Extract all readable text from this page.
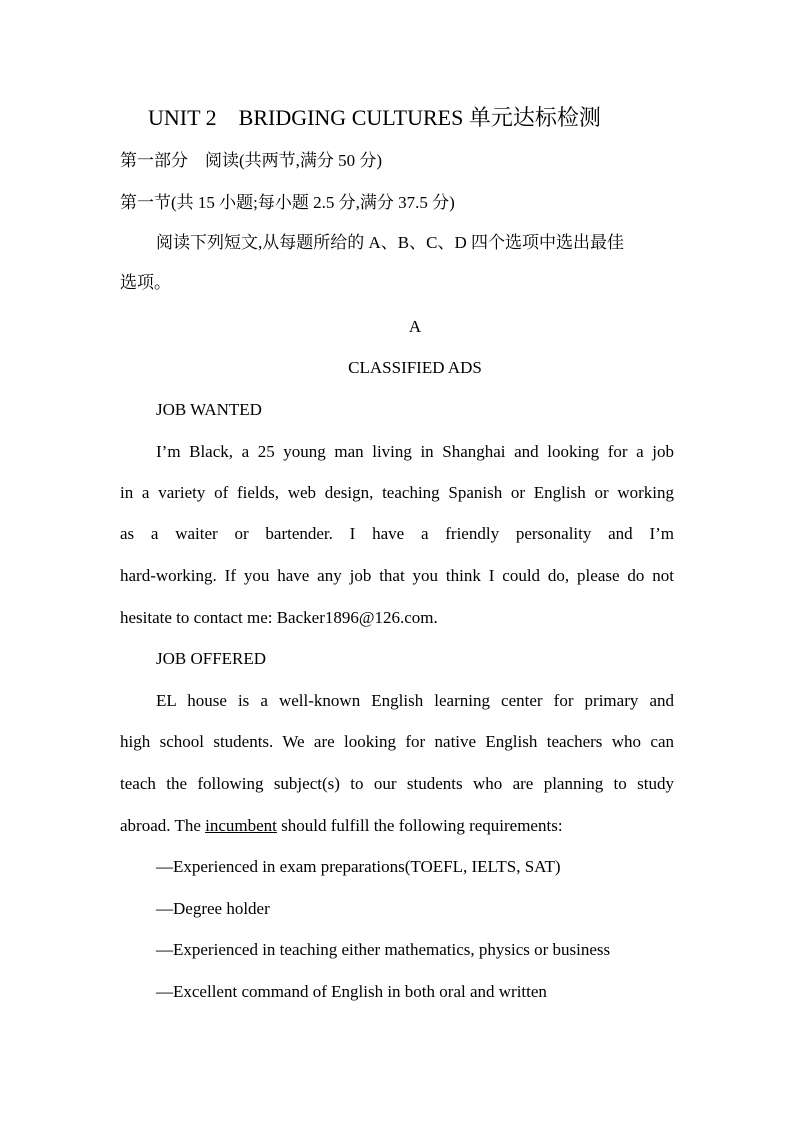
UNIT 2　BRIDGING CULTURES 单元达标检测
第一部分　阅读(共两节,满分 50 分)
第一节(共 15 小题;每小题 2.5 分,满分 37.5 分)
阅读下列短文,从每题所给的 A、B、C、D 四个选项中选出最佳
选项。
A
CLASSIFIED ADS
JOB WANTED
I’m Black, a 25 young man living in Shanghai and looking for a job
in a variety of fields, web design, teaching Spanish or English or working
as a waiter or bartender. I have a friendly personality and I’m
hard-working. If you have any job that you think I could do, please do not
hesitate to contact me: Backer1896@126.com.
JOB OFFERED
EL house is a well-known English learning center for primary and
high school students. We are looking for native English teachers who can
teach the following subject(s) to our students who are planning to study
abroad. The incumbent should fulfill the following requirements:
—Experienced in exam preparations(TOEFL, IELTS, SAT)
—Degree holder
—Experienced in teaching either mathematics, physics or business
—Excellent command of English in both oral and written
